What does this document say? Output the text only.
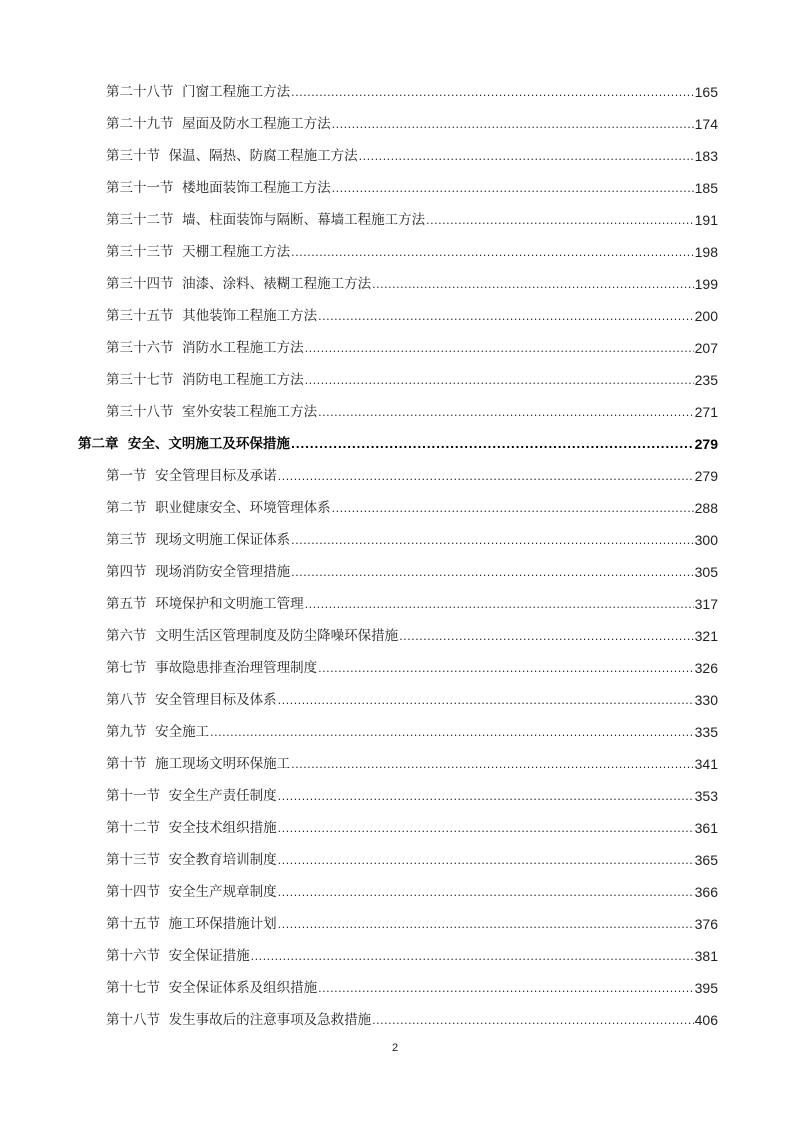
第二十八节  门窗工程施工方法 .....	165
第二十九节  屋面及防水工程施工方法 .....	174
第三十节  保温、隔热、防腐工程施工方法 .....	183
第三十一节  楼地面装饰工程施工方法 .....	185
第三十二节  墙、柱面装饰与隔断、幕墙工程施工方法 .....	191
第三十三节  天棚工程施工方法 .....	198
第三十四节  油漆、涂料、裱糊工程施工方法 .....	199
第三十五节  其他装饰工程施工方法 .....	200
第三十六节  消防水工程施工方法 .....	207
第三十七节  消防电工程施工方法 .....	235
第三十八节  室外安装工程施工方法 .....	271
第二章  安全、文明施工及环保措施 .....	279
第一节  安全管理目标及承诺 .....	279
第二节  职业健康安全、环境管理体系 .....	288
第三节  现场文明施工保证体系 .....	300
第四节  现场消防安全管理措施 .....	305
第五节  环境保护和文明施工管理 .....	317
第六节  文明生活区管理制度及防尘降噪环保措施 .....	321
第七节  事故隐患排查治理管理制度 .....	326
第八节  安全管理目标及体系 .....	330
第九节  安全施工 .....	335
第十节  施工现场文明环保施工 .....	341
第十一节  安全生产责任制度 .....	353
第十二节  安全技术组织措施 .....	361
第十三节  安全教育培训制度 .....	365
第十四节  安全生产规章制度 .....	366
第十五节  施工环保措施计划 .....	376
第十六节  安全保证措施 .....	381
第十七节  安全保证体系及组织措施 .....	395
第十八节  发生事故后的注意事项及急救措施 .....	406
2
